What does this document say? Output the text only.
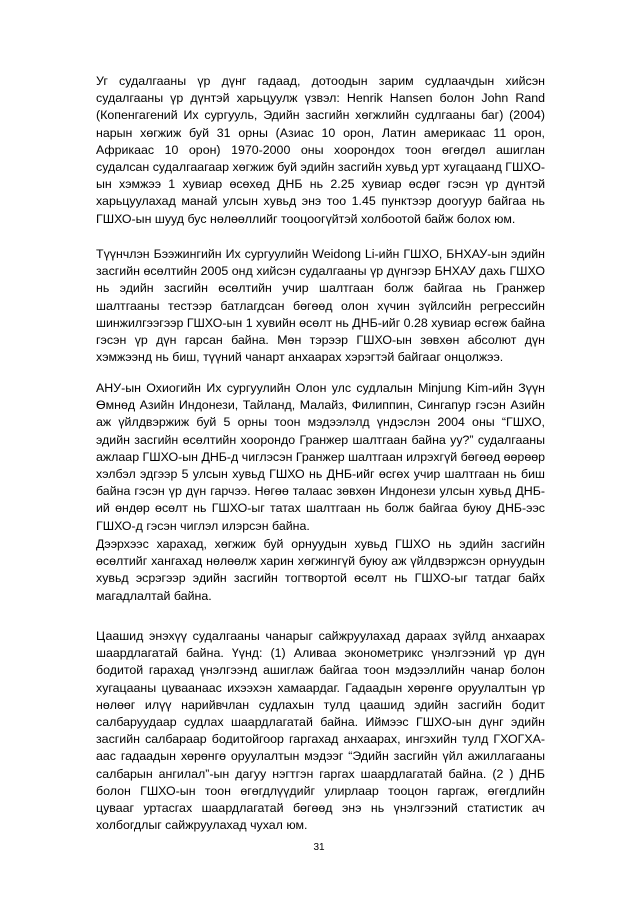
Уг судалгааны үр дүнг гадаад, дотоодын зарим судлаачдын хийсэн судалгааны үр дүнтэй харьцуулж үзвэл: Henrik Hansen болон John Rand (Копенгагений Их сургууль, Эдийн засгийн хөгжлийн судлгааны баг) (2004) нарын хөгжиж буй 31 орны (Азиас 10 орон, Латин америкаас 11 орон, Африкаас 10 орон) 1970-2000 оны хоорондох тоон өгөгдөл ашиглан судалсан судалгаагаар хөгжиж буй эдийн засгийн хувьд урт хугацаанд ГШХО-ын хэмжээ 1 хувиар өсөхөд ДНБ нь 2.25 хувиар өсдөг гэсэн үр дүнтэй харьцуулахад манай улсын хувьд энэ тоо 1.45 пунктээр доогуур байгаа нь ГШХО-ын шууд бус нөлөөллийг тооцоогүйтэй холбоотой байж болох юм.

Түүнчлэн Бээжингийн Их сургуулийн Weidong Li-ийн ГШХО, БНХАУ-ын эдийн засгийн өсөлтийн 2005 онд хийсэн судалгааны үр дүнгээр БНХАУ дахь ГШХО нь эдийн засгийн өсөлтийн учир шалтгаан болж байгаа нь Гранжер шалтгааны тестээр батлагдсан бөгөөд олон хүчин зүйлсийн регрессийн шинжилгээгээр ГШХО-ын 1 хувийн өсөлт нь ДНБ-ийг 0.28 хувиар өсгөж байна гэсэн үр дүн гарсан байна. Мөн тэрээр ГШХО-ын зөвхөн абсолют дүн хэмжээнд нь биш, түүний чанарт анхаарах хэрэгтэй байгааг онцолжээ.

АНУ-ын Охиогийн Их сургуулийн Олон улс судлалын Minjung Kim-ийн Зүүн Өмнөд Азийн Индонези, Тайланд, Малайз, Филиппин, Сингапур гэсэн Азийн аж үйлдвэржиж буй 5 орны тоон мэдээлэлд үндэслэн 2004 оны “ГШХО, эдийн засгийн өсөлтийн хоорондо Гранжер шалтгаан байна уу?” судалгааны ажлаар ГШХО-ын ДНБ-д чиглэсэн Гранжер шалтгаан илрэхгүй бөгөөд өөрөөр хэлбэл эдгээр 5 улсын хувьд ГШХО нь ДНБ-ийг өсгөх учир шалтгаан нь биш байна гэсэн үр дүн гарчээ. Нөгөө талаас зөвхөн Индонези улсын хувьд ДНБ-ий өндөр өсөлт нь ГШХО-ыг татах шалтгаан нь болж байгаа буюу ДНБ-ээс ГШХО-д гэсэн чиглэл илэрсэн байна.

Дээрхээс харахад, хөгжиж буй орнуудын хувьд ГШХО нь эдийн засгийн өсөлтийг хангахад нөлөөлж харин хөгжингүй буюу аж үйлдвэржсэн орнуудын хувьд эсрэгээр эдийн засгийн тогтвортой өсөлт нь ГШХО-ыг татдаг байх магадлалтай байна.

Цаашид энэхүү судалгааны чанарыг сайжруулахад дараах зүйлд анхаарах шаардлагатай байна. Үүнд: (1) Аливаа эконометрикс үнэлгээний үр дүн бодитой гарахад үнэлгээнд ашиглаж байгаа тоон мэдээллийн чанар болон хугацааны цуваанаас ихээхэн хамаардаг. Гадаадын хөрөнгө оруулалтын үр нөлөөг илүү нарийвчлан судлахын тулд цаашид эдийн засгийн бодит салбаруудаар судлах шаардлагатай байна. Иймээс ГШХО-ын дүнг эдийн засгийн салбараар бодитойгоор гаргахад анхаарах, ингэхийн тулд ГХОГХА-аас гадаадын хөрөнгө оруулалтын мэдээг “Эдийн засгийн үйл ажиллагааны салбарын ангилал”-ын дагуу нэгтгэн гаргах шаардлагатай байна. (2 ) ДНБ болон ГШХО-ын тоон өгөгдлүүдийг улирлаар тооцон гаргаж, өгөгдлийн цувааг уртасгах шаардлагатай бөгөөд энэ нь үнэлгээний статистик ач холбогдлыг сайжруулахад чухал юм.

31
